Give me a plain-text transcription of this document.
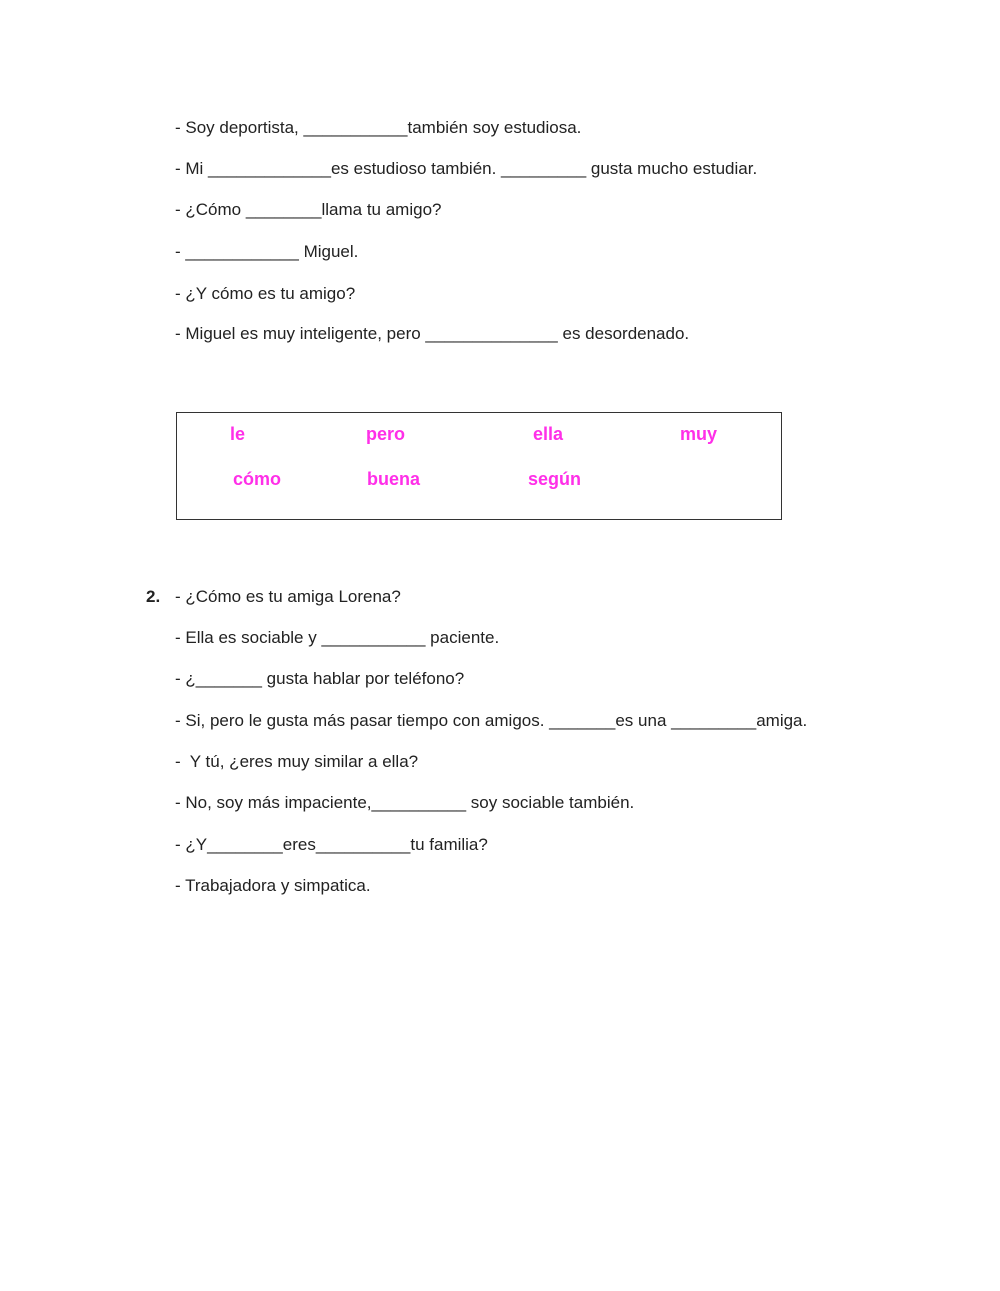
- Soy deportista, ___________también soy estudiosa.
- Mi _____________es estudioso también. _________ gusta mucho estudiar.
- ¿Cómo ________llama tu amigo?
- ____________ Miguel.
- ¿Y cómo es tu amigo?
- Miguel es muy inteligente, pero ______________ es desordenado.
le	pero	ella	muy
cómo	buena	según
2. - ¿Cómo es tu amiga Lorena?
- Ella es sociable y ___________ paciente.
- ¿_______ gusta hablar por teléfono?
- Si, pero le gusta más pasar tiempo con amigos. _______es una _________amiga.
-  Y tú, ¿eres muy similar a ella?
- No, soy más impaciente,__________ soy sociable también.
- ¿Y________eres__________tu familia?
- Trabajadora y simpatica.
